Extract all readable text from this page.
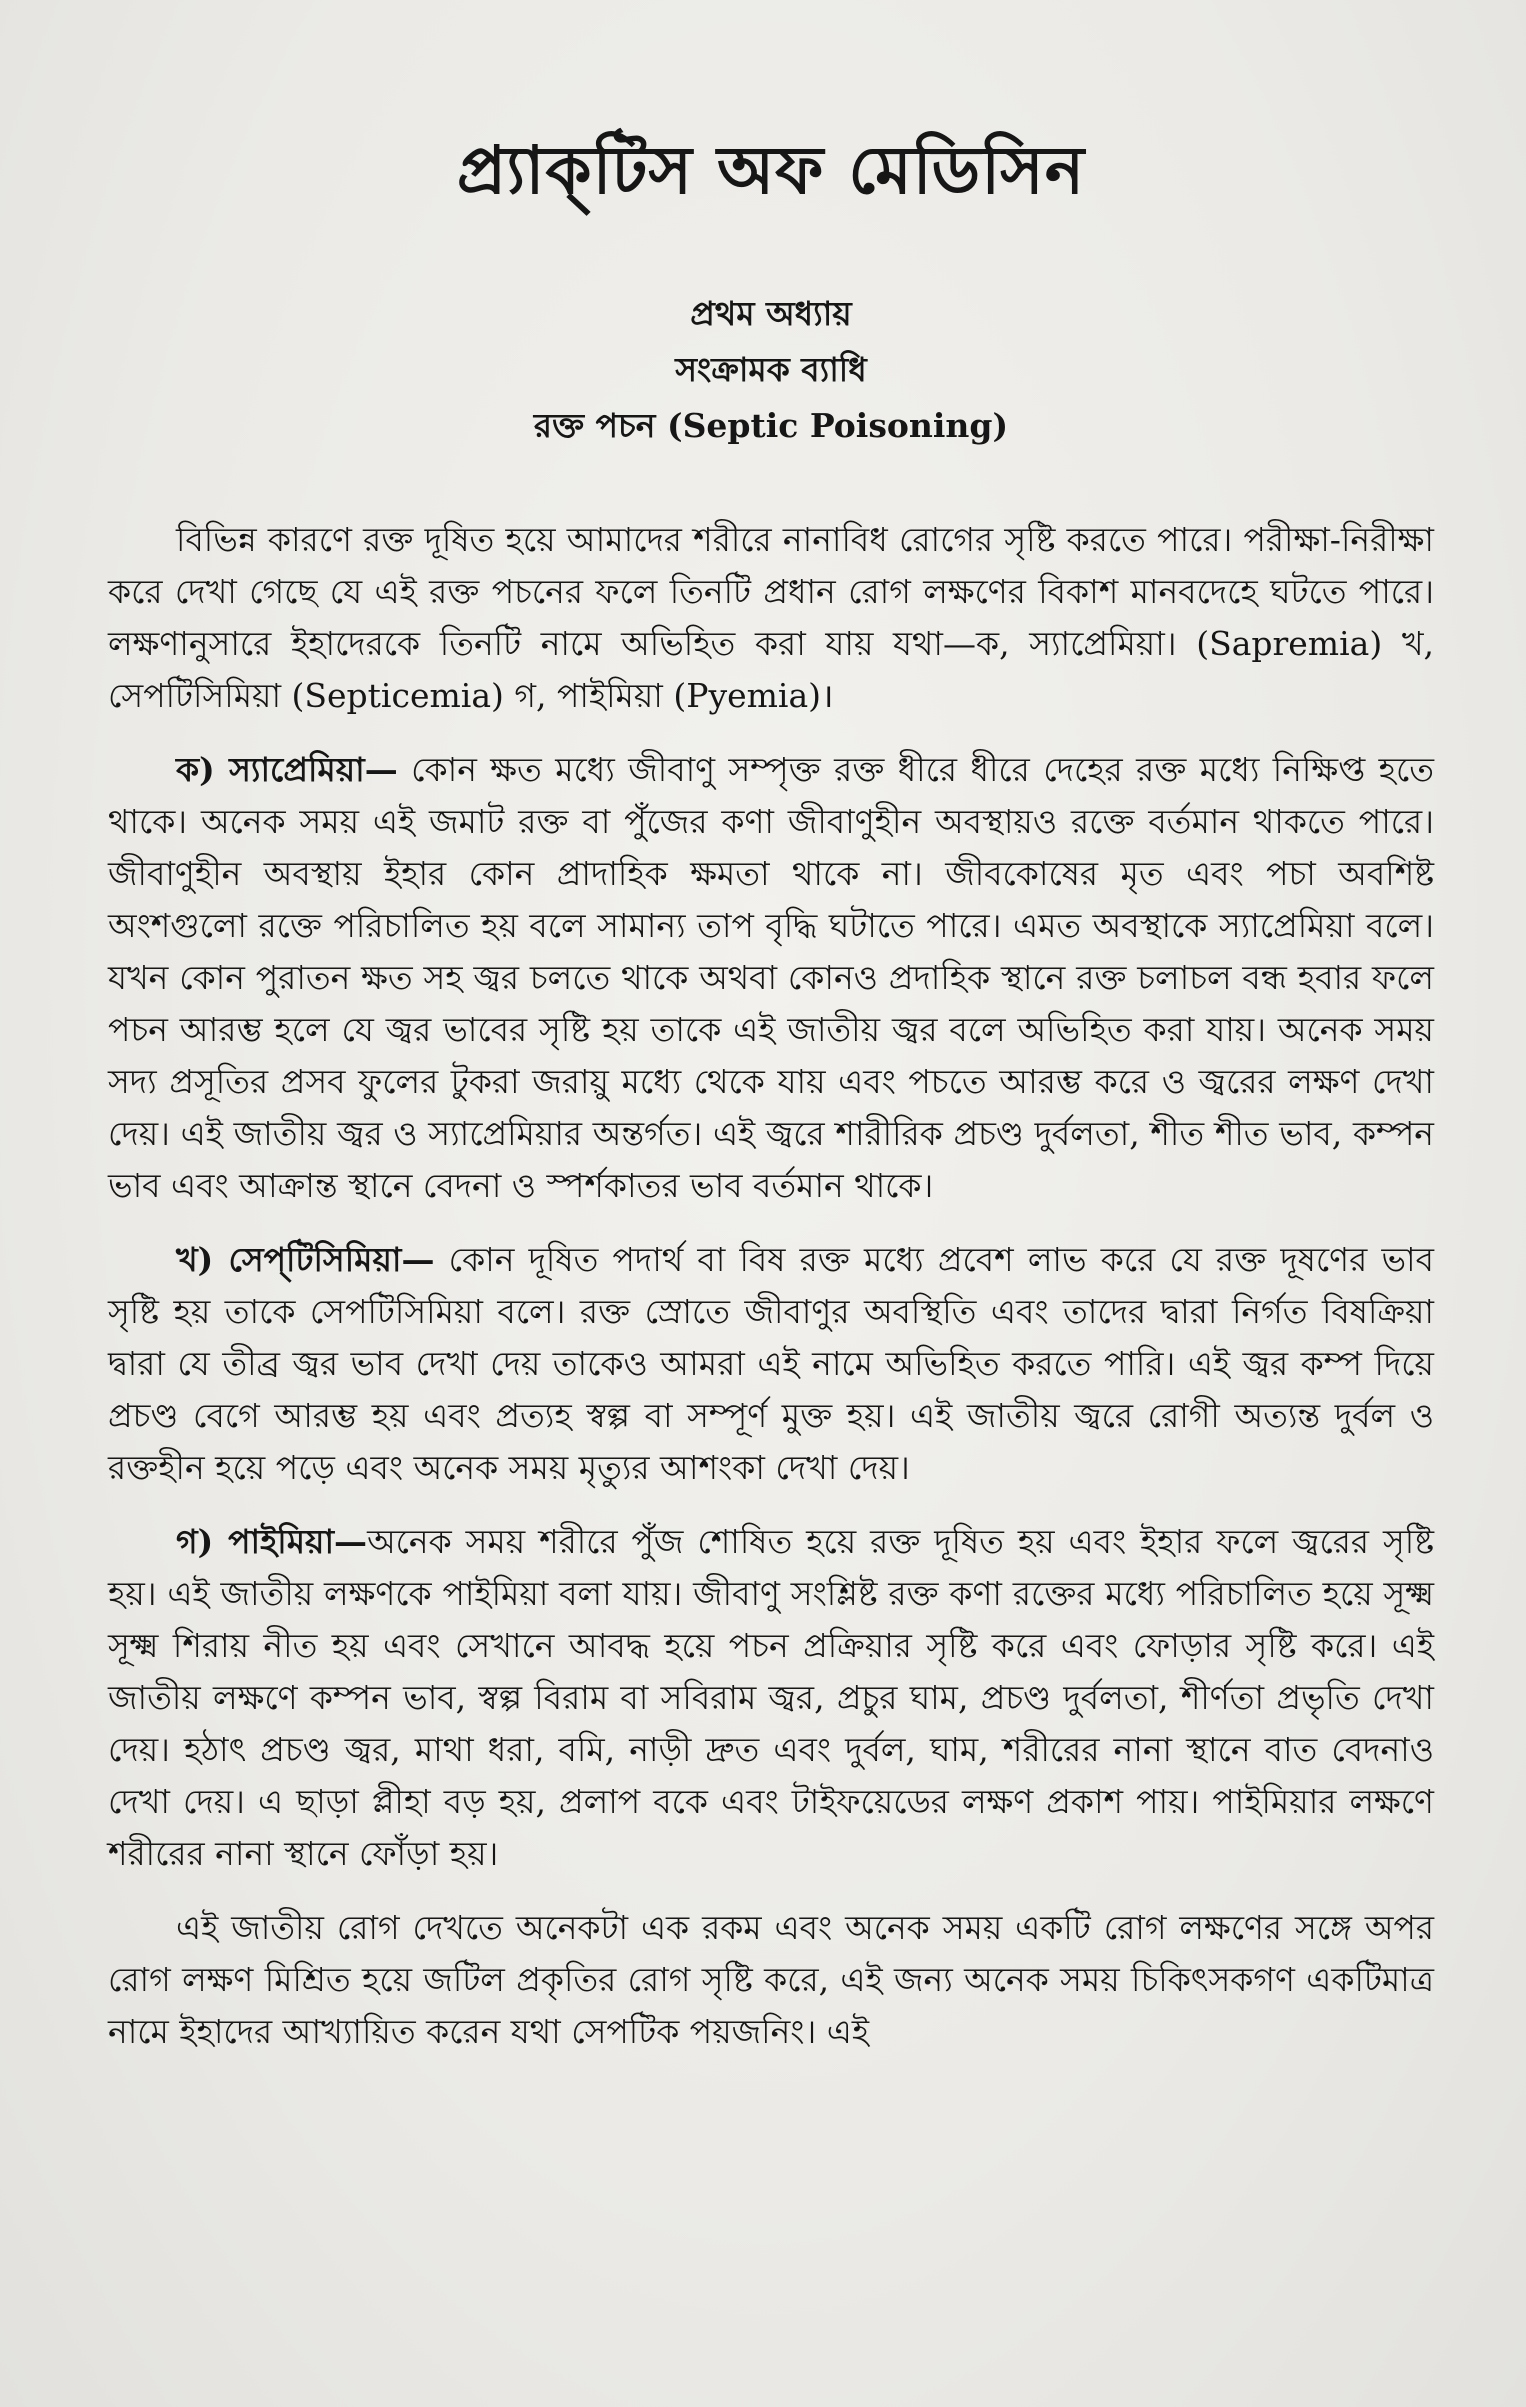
প্র্যাক্‌টিস অফ মেডিসিন

প্রথম অধ্যায়

সংক্রামক ব্যাধি

রক্ত পচন (Septic Poisoning)

বিভিন্ন কারণে রক্ত দূষিত হয়ে আমাদের শরীরে নানাবিধ রোগের সৃষ্টি করতে পারে। পরীক্ষা-নিরীক্ষা করে দেখা গেছে যে এই রক্ত পচনের ফলে তিনটি প্রধান রোগ লক্ষণের বিকাশ মানবদেহে ঘটতে পারে। লক্ষণানুসারে ইহাদেরকে তিনটি নামে অভিহিত করা যায় যথা—ক, স্যাপ্রেমিয়া। (Sapremia) খ, সেপটিসিমিয়া (Septicemia) গ, পাইমিয়া (Pyemia)।

ক) স্যাপ্রেমিয়া— কোন ক্ষত মধ্যে জীবাণু সম্পৃক্ত রক্ত ধীরে ধীরে দেহের রক্ত মধ্যে নিক্ষিপ্ত হতে থাকে। অনেক সময় এই জমাট রক্ত বা পুঁজের কণা জীবাণুহীন অবস্থায়ও রক্তে বর্তমান থাকতে পারে। জীবাণুহীন অবস্থায় ইহার কোন প্রাদাহিক ক্ষমতা থাকে না। জীবকোষের মৃত এবং পচা অবশিষ্ট অংশগুলো রক্তে পরিচালিত হয় বলে সামান্য তাপ বৃদ্ধি ঘটাতে পারে। এমত অবস্থাকে স্যাপ্রেমিয়া বলে। যখন কোন পুরাতন ক্ষত সহ জ্বর চলতে থাকে অথবা কোনও প্রদাহিক স্থানে রক্ত চলাচল বন্ধ হবার ফলে পচন আরম্ভ হলে যে জ্বর ভাবের সৃষ্টি হয় তাকে এই জাতীয় জ্বর বলে অভিহিত করা যায়। অনেক সময় সদ্য প্রসূতির প্রসব ফুলের টুকরা জরায়ু মধ্যে থেকে যায় এবং পচতে আরম্ভ করে ও জ্বরের লক্ষণ দেখা দেয়। এই জাতীয় জ্বর ও স্যাপ্রেমিয়ার অন্তর্গত। এই জ্বরে শারীরিক প্রচণ্ড দুর্বলতা, শীত শীত ভাব, কম্পন ভাব এবং আক্রান্ত স্থানে বেদনা ও স্পর্শকাতর ভাব বর্তমান থাকে।

খ) সেপ্‌টিসিমিয়া— কোন দূষিত পদার্থ বা বিষ রক্ত মধ্যে প্রবেশ লাভ করে যে রক্ত দূষণের ভাব সৃষ্টি হয় তাকে সেপটিসিমিয়া বলে। রক্ত স্রোতে জীবাণুর অবস্থিতি এবং তাদের দ্বারা নির্গত বিষক্রিয়া দ্বারা যে তীব্র জ্বর ভাব দেখা দেয় তাকেও আমরা এই নামে অভিহিত করতে পারি। এই জ্বর কম্প দিয়ে প্রচণ্ড বেগে আরম্ভ হয় এবং প্রত্যহ স্বল্প বা সম্পূর্ণ মুক্ত হয়। এই জাতীয় জ্বরে রোগী অত্যন্ত দুর্বল ও রক্তহীন হয়ে পড়ে এবং অনেক সময় মৃত্যুর আশংকা দেখা দেয়।

গ) পাইমিয়া—অনেক সময় শরীরে পুঁজ শোষিত হয়ে রক্ত দূষিত হয় এবং ইহার ফলে জ্বরের সৃষ্টি হয়। এই জাতীয় লক্ষণকে পাইমিয়া বলা যায়। জীবাণু সংশ্লিষ্ট রক্ত কণা রক্তের মধ্যে পরিচালিত হয়ে সূক্ষ্ম সূক্ষ্ম শিরায় নীত হয় এবং সেখানে আবদ্ধ হয়ে পচন প্রক্রিয়ার সৃষ্টি করে এবং ফোড়ার সৃষ্টি করে। এই জাতীয় লক্ষণে কম্পন ভাব, স্বল্প বিরাম বা সবিরাম জ্বর, প্রচুর ঘাম, প্রচণ্ড দুর্বলতা, শীর্ণতা প্রভৃতি দেখা দেয়। হঠাৎ প্রচণ্ড জ্বর, মাথা ধরা, বমি, নাড়ী দ্রুত এবং দুর্বল, ঘাম, শরীরের নানা স্থানে বাত বেদনাও দেখা দেয়। এ ছাড়া প্লীহা বড় হয়, প্রলাপ বকে এবং টাইফয়েডের লক্ষণ প্রকাশ পায়। পাইমিয়ার লক্ষণে শরীরের নানা স্থানে ফোঁড়া হয়।

এই জাতীয় রোগ দেখতে অনেকটা এক রকম এবং অনেক সময় একটি রোগ লক্ষণের সঙ্গে অপর রোগ লক্ষণ মিশ্রিত হয়ে জটিল প্রকৃতির রোগ সৃষ্টি করে, এই জন্য অনেক সময় চিকিৎসকগণ একটিমাত্র নামে ইহাদের আখ্যায়িত করেন যথা সেপটিক পয়জনিং। এই
